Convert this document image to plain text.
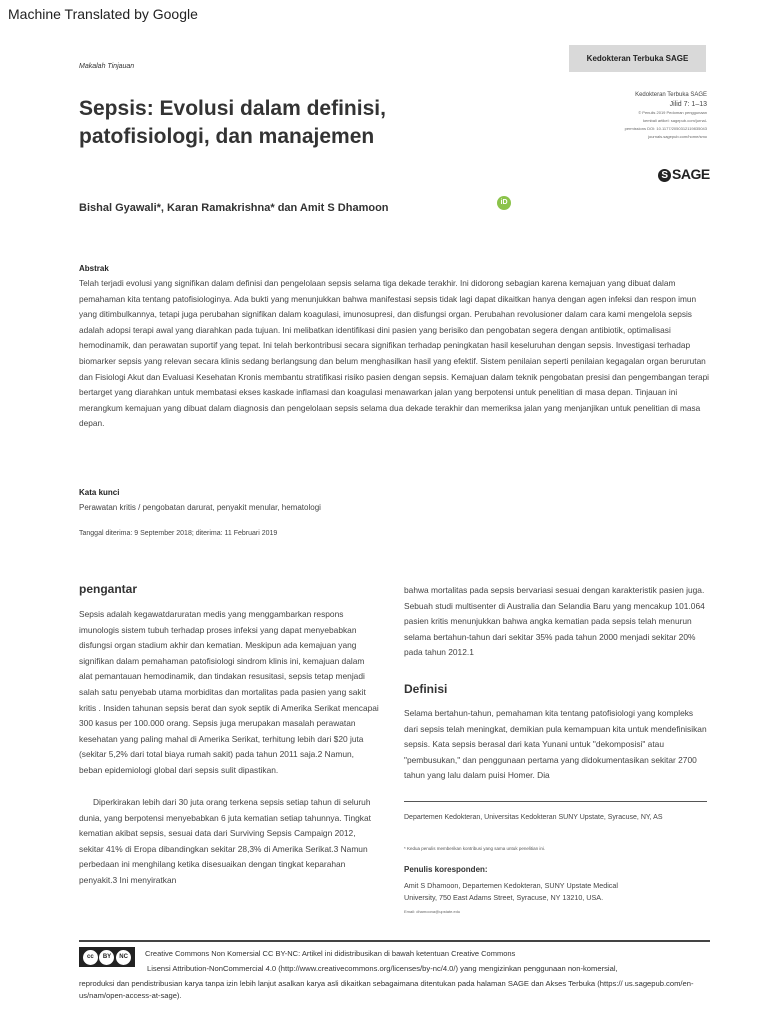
Machine Translated by Google
Makalah Tinjauan
Kedokteran Terbuka SAGE
Kedokteran Terbuka SAGE
Jilid 7: 1–13
© Penulis 2019 Pedoman penggunaan
kembali artikel: sagepub.com/jurnal-
permissions DOI: 10.1177/2050312119835043
journals.sagepub.com/home/smo
S SAGE
Sepsis: Evolusi dalam definisi,
patofisiologi, dan manajemen
Bishal Gyawali*, Karan Ramakrishna* dan Amit S Dhamoon	iD
Abstrak
Telah terjadi evolusi yang signifikan dalam definisi dan pengelolaan sepsis selama tiga dekade terakhir. Ini didorong sebagian karena kemajuan yang dibuat dalam pemahaman kita tentang patofisiologinya. Ada bukti yang menunjukkan bahwa manifestasi sepsis tidak lagi dapat dikaitkan hanya dengan agen infeksi dan respon imun yang ditimbulkannya, tetapi juga perubahan signifikan dalam koagulasi, imunosupresi, dan disfungsi organ. Perubahan revolusioner dalam cara kami mengelola sepsis adalah adopsi terapi awal yang diarahkan pada tujuan. Ini melibatkan identifikasi dini pasien yang berisiko dan pengobatan segera dengan antibiotik, optimalisasi hemodinamik, dan perawatan suportif yang tepat. Ini telah berkontribusi secara signifikan terhadap peningkatan hasil keseluruhan dengan sepsis. Investigasi terhadap biomarker sepsis yang relevan secara klinis sedang berlangsung dan belum menghasilkan hasil yang efektif. Sistem penilaian seperti penilaian kegagalan organ berurutan dan Fisiologi Akut dan Evaluasi Kesehatan Kronis membantu stratifikasi risiko pasien dengan sepsis. Kemajuan dalam teknik pengobatan presisi dan pengembangan terapi bertarget yang diarahkan untuk membatasi ekses kaskade inflamasi dan koagulasi menawarkan jalan yang berpotensi untuk penelitian di masa depan. Tinjauan ini merangkum kemajuan yang dibuat dalam diagnosis dan pengelolaan sepsis selama dua dekade terakhir dan memeriksa jalan yang menjanjikan untuk penelitian di masa depan.
Kata kunci
Perawatan kritis / pengobatan darurat, penyakit menular, hematologi
Tanggal diterima: 9 September 2018; diterima: 11 Februari 2019
pengantar
Sepsis adalah kegawatdaruratan medis yang menggambarkan respons imunologis sistem tubuh terhadap proses infeksi yang dapat menyebabkan disfungsi organ stadium akhir dan kematian. Meskipun ada kemajuan yang signifikan dalam pemahaman patofisiologi sindrom klinis ini, kemajuan dalam alat pemantauan hemodinamik, dan tindakan resusitasi, sepsis tetap menjadi salah satu penyebab utama morbiditas dan mortalitas pada pasien yang sakit kritis . Insiden tahunan sepsis berat dan syok septik di Amerika Serikat mencapai 300 kasus per 100.000 orang. Sepsis juga merupakan masalah perawatan kesehatan yang paling mahal di Amerika Serikat, terhitung lebih dari $20 juta (sekitar 5,2% dari total biaya rumah sakit) pada tahun 2011 saja.2 Namun, beban epidemiologi global dari sepsis sulit dipastikan.
Diperkirakan lebih dari 30 juta orang terkena sepsis setiap tahun di seluruh dunia, yang berpotensi menyebabkan 6 juta kematian setiap tahunnya. Tingkat kematian akibat sepsis, sesuai data dari Surviving Sepsis Campaign 2012, sekitar 41% di Eropa dibandingkan sekitar 28,3% di Amerika Serikat.3 Namun perbedaan ini menghilang ketika disesuaikan dengan tingkat keparahan penyakit.3 Ini menyiratkan
bahwa mortalitas pada sepsis bervariasi sesuai dengan karakteristik pasien juga. Sebuah studi multisenter di Australia dan Selandia Baru yang mencakup 101.064 pasien kritis menunjukkan bahwa angka kematian pada sepsis telah menurun selama bertahun-tahun dari sekitar 35% pada tahun 2000 menjadi sekitar 20% pada tahun 2012.1
Definisi
Selama bertahun-tahun, pemahaman kita tentang patofisiologi yang kompleks dari sepsis telah meningkat, demikian pula kemampuan kita untuk mendefinisikan sepsis. Kata sepsis berasal dari kata Yunani untuk "dekomposisi" atau "pembusukan," dan penggunaan pertama yang didokumentasikan sekitar 2700 tahun yang lalu dalam puisi Homer. Dia
Departemen Kedokteran, Universitas Kedokteran SUNY Upstate, Syracuse, NY, AS
* Kedua penulis memberikan kontribusi yang sama untuk penelitian ini.
Penulis koresponden:
Amit S Dhamoon, Departemen Kedokteran, SUNY Upstate Medical
University, 750 East Adams Street, Syracuse, NY 13210, USA.
Email: dhamoona@upstate.edu
cc	BY	NC	Creative Commons Non Komersial CC BY-NC: Artikel ini didistribusikan di bawah ketentuan Creative Commons
Lisensi Attribution-NonCommercial 4.0 (http://www.creativecommons.org/licenses/by-nc/4.0/) yang mengizinkan penggunaan non-komersial,
reproduksi dan pendistribusian karya tanpa izin lebih lanjut asalkan karya asli dikaitkan sebagaimana ditentukan pada halaman SAGE dan Akses Terbuka (https:// us.sagepub.com/en-us/nam/open-access-at-sage).
